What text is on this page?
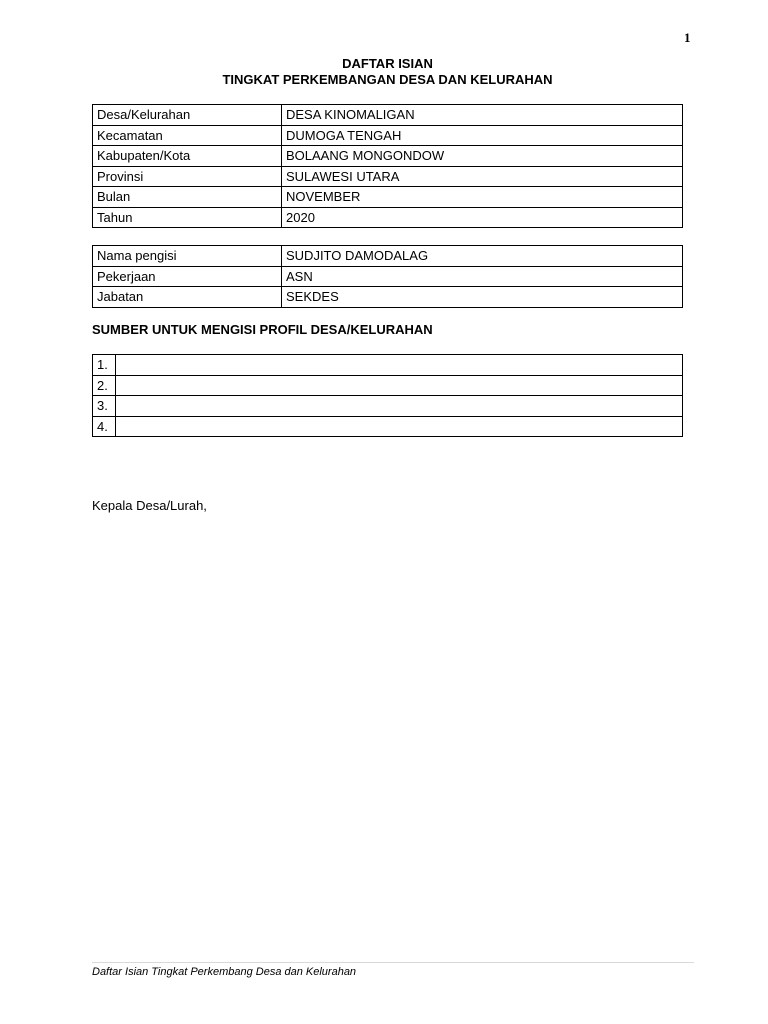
1
DAFTAR ISIAN
TINGKAT PERKEMBANGAN DESA DAN KELURAHAN
Desa/Kelurahan	DESA KINOMALIGAN
Kecamatan	DUMOGA TENGAH
Kabupaten/Kota	BOLAANG MONGONDOW
Provinsi	SULAWESI UTARA
Bulan	NOVEMBER
Tahun	2020
Nama pengisi	SUDJITO DAMODALAG
Pekerjaan	ASN
Jabatan	SEKDES
SUMBER UNTUK MENGISI PROFIL DESA/KELURAHAN
1.	
2.	
3.	
4.	
Kepala Desa/Lurah,
Daftar Isian Tingkat Perkembang Desa dan Kelurahan
